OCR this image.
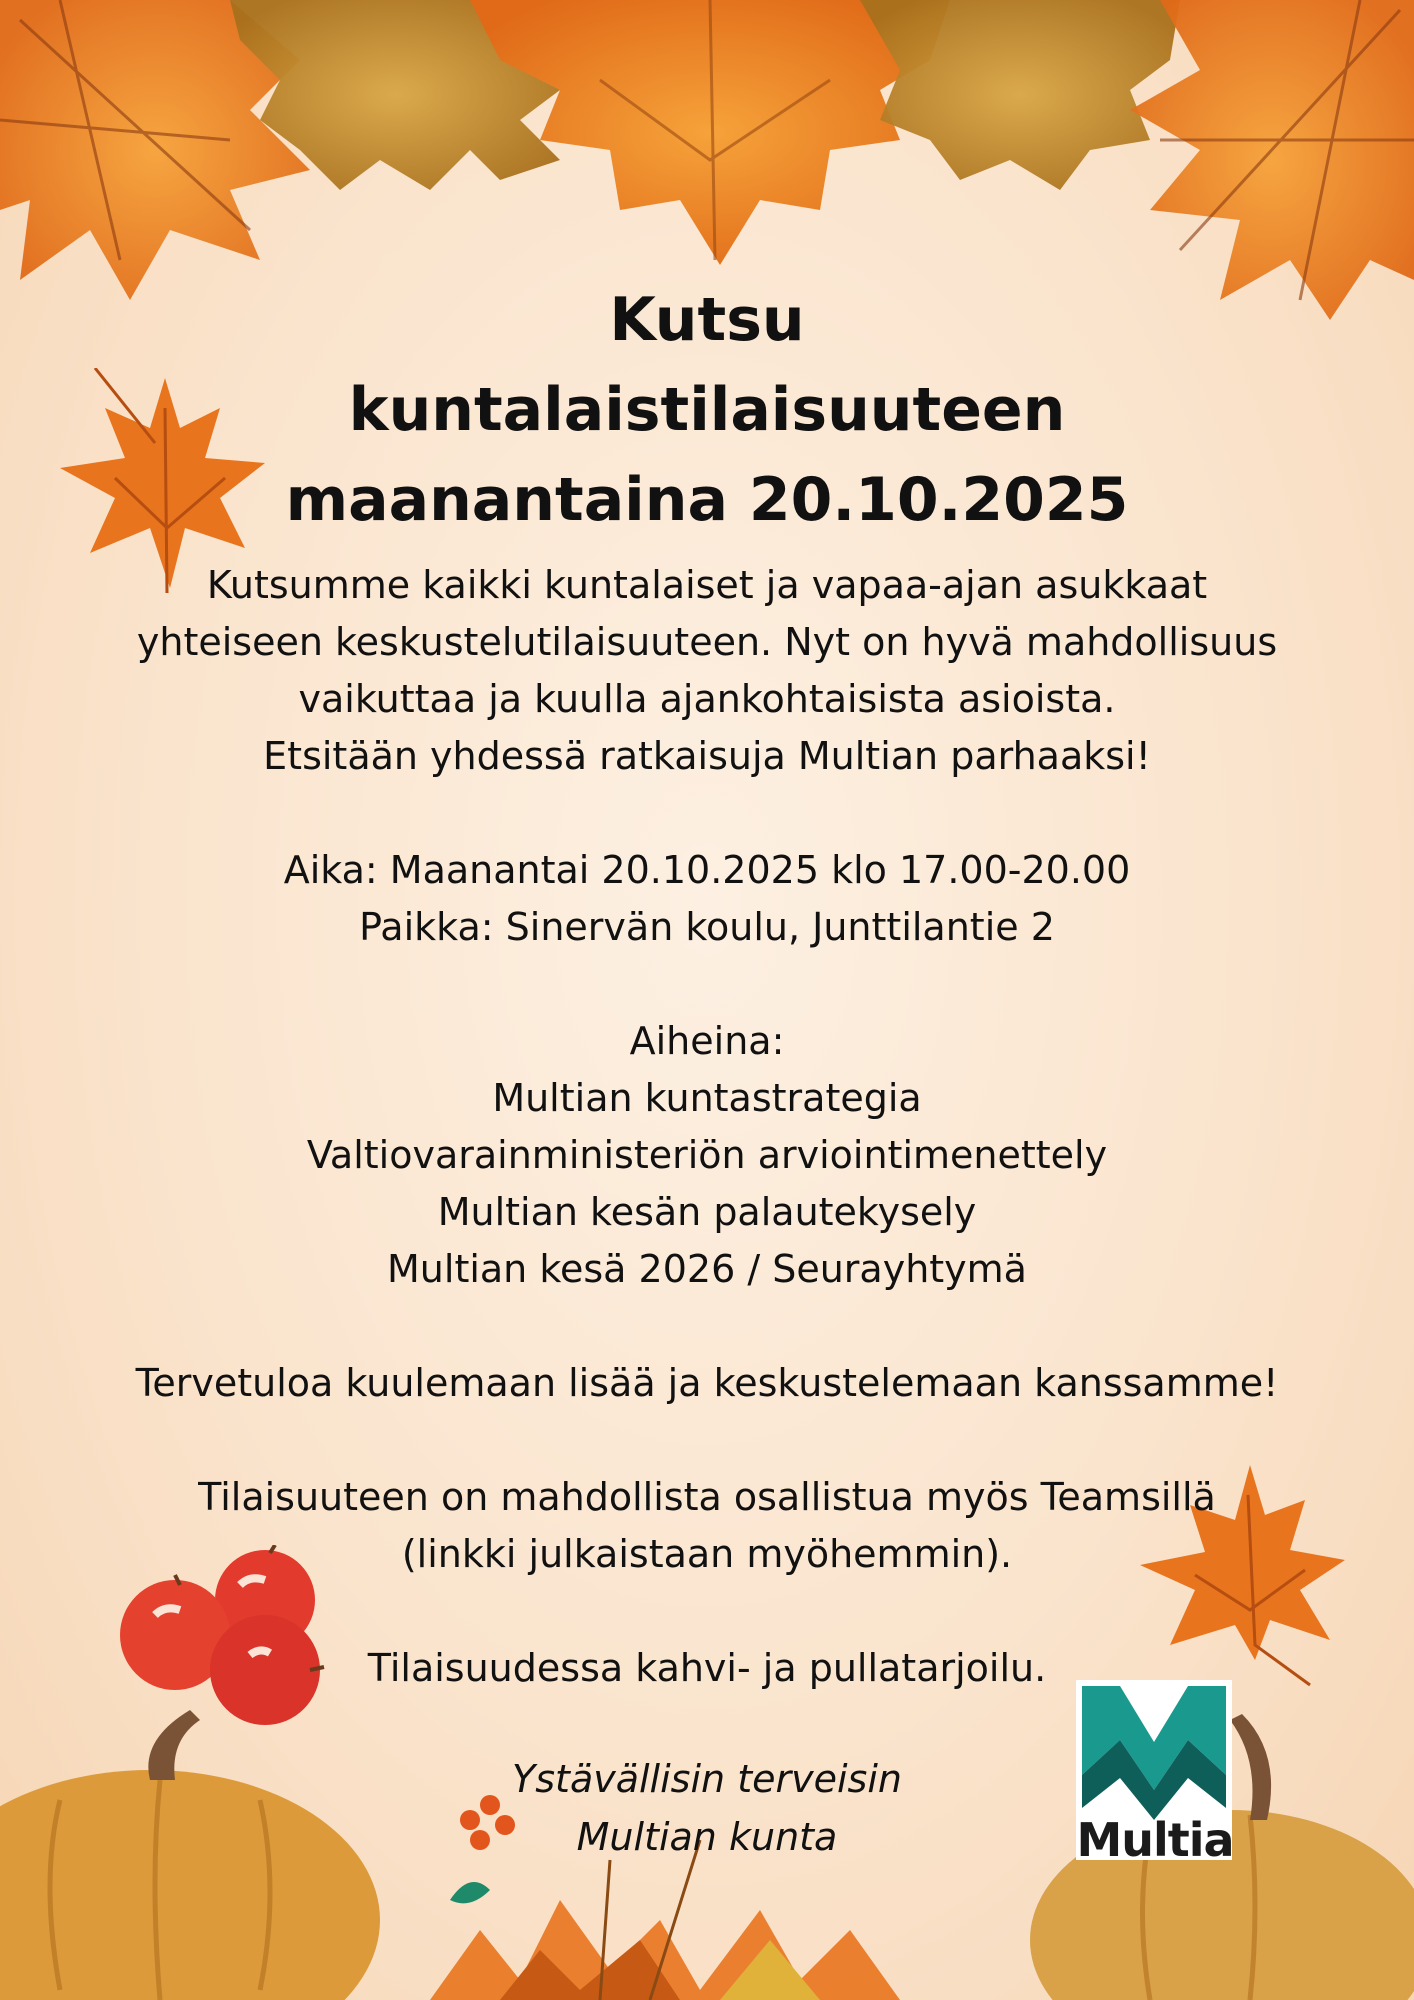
Kutsu
kuntalaistilaisuuteen
maanantaina 20.10.2025

Kutsumme kaikki kuntalaiset ja vapaa-ajan asukkaat

yhteiseen keskustelutilaisuuteen. Nyt on hyvä mahdollisuus

vaikuttaa ja kuulla ajankohtaisista asioista.

Etsitään yhdessä ratkaisuja Multian parhaaksi!

Aika: Maanantai 20.10.2025 klo 17.00-20.00

Paikka: Sinervän koulu, Junttilantie 2

Aiheina:

Multian kuntastrategia

Valtiovarainministeriön arviointimenettely

Multian kesän palautekysely

Multian kesä 2026 / Seurayhtymä

Tervetuloa kuulemaan lisää ja keskustelemaan kanssamme!

Tilaisuuteen on mahdollista osallistua myös Teamsillä

(linkki julkaistaan myöhemmin).

Tilaisuudessa kahvi- ja pullatarjoilu.

Ystävällisin terveisin

Multian kunta	Multia
